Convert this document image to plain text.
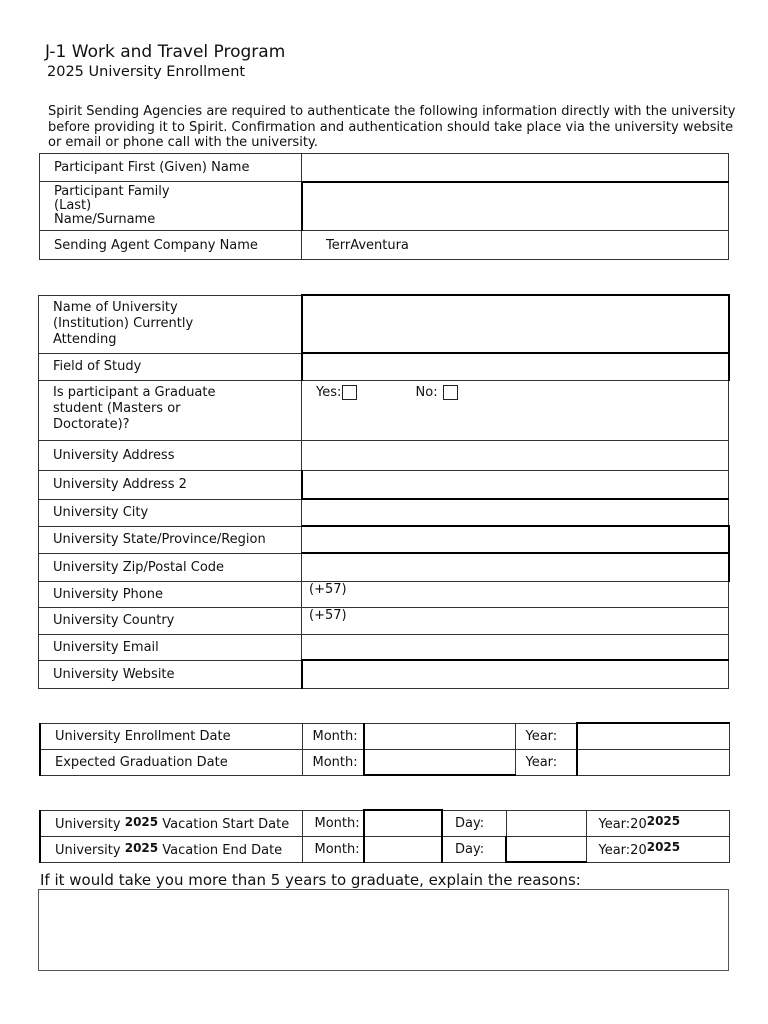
J-1 Work and Travel Program
2025 University Enrollment
Spirit Sending Agencies are required to authenticate the following information directly with the university before providing it to Spirit. Confirmation and authentication should take place via the university website or email or phone call with the university.
Participant First (Given) Name	

Participant Family
(Last)
Name/Surname	

Sending Agent Company Name	TerrAventura
Name of University
(Institution) Currently
Attending	

Field of Study	

Is participant a Graduate
student (Masters or
Doctorate)?	Yes: No:
University Address	
University Address 2	
University City	
University State/Province/Region	
University Zip/Postal Code	
University Phone	(+57)
University Country	(+57)
University Email	
University Website	
University Enrollment Date	Month:		Year:	
Expected Graduation Date	Month:		Year:	
University 2025 Vacation Start Date	Month:		Day:		Year:202025
University 2025 Vacation End Date	Month:		Day:		Year:202025
If it would take you more than 5 years to graduate, explain the reasons:
